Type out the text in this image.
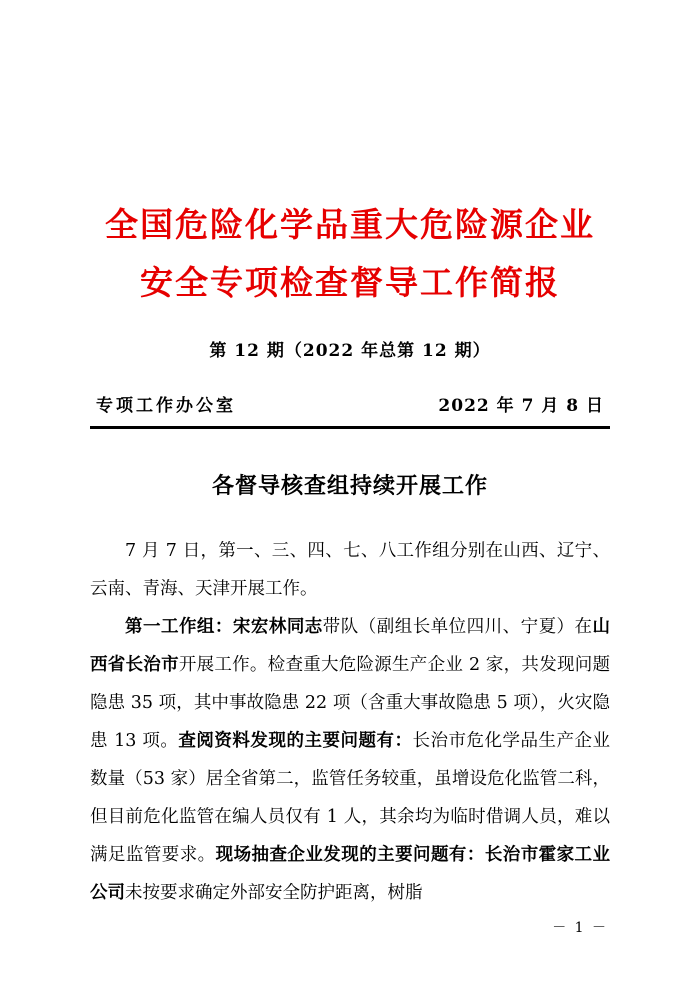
全国危险化学品重大危险源企业
安全专项检查督导工作简报
第 12 期（2022 年总第 12 期）
专项工作办公室	2022 年 7 月 8 日
各督导核查组持续开展工作

7 月 7 日，第一、三、四、七、八工作组分别在山西、辽宁、云南、青海、天津开展工作。

第一工作组：宋宏林同志带队（副组长单位四川、宁夏）在山西省长治市开展工作。检查重大危险源生产企业 2 家，共发现问题隐患 35 项，其中事故隐患 22 项（含重大事故隐患 5 项），火灾隐患 13 项。查阅资料发现的主要问题有：长治市危化学品生产企业数量（53 家）居全省第二，监管任务较重，虽增设危化监管二科，但目前危化监管在编人员仅有 1 人，其余均为临时借调人员，难以满足监管要求。现场抽查企业发现的主要问题有：长治市霍家工业公司未按要求确定外部安全防护距离，树脂

－ 1 －
